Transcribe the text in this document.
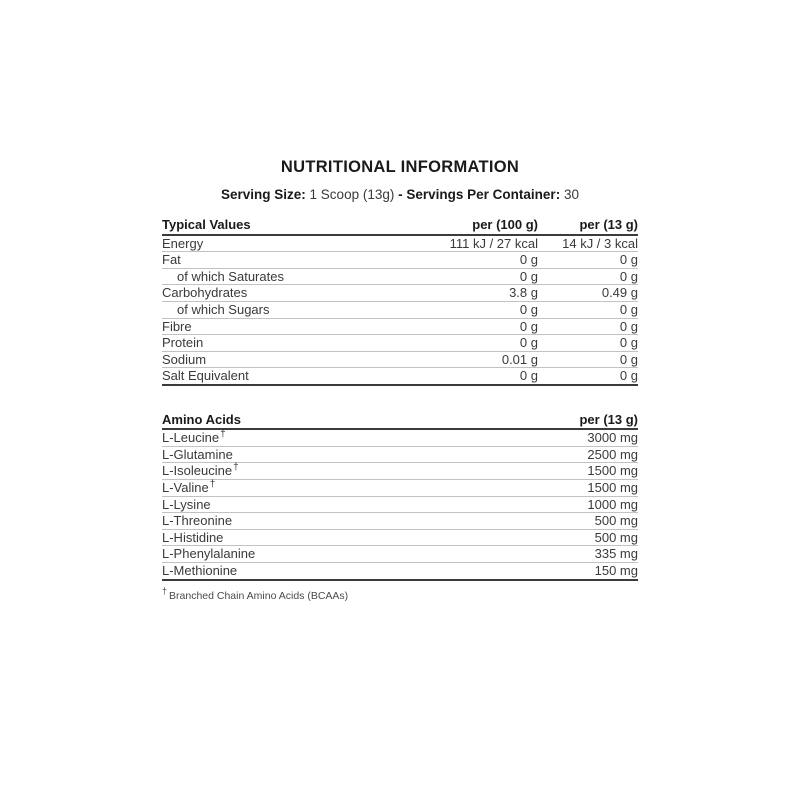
NUTRITIONAL INFORMATION
Serving Size: 1 Scoop (13g) - Servings Per Container: 30
Typical Values	per (100 g)	per (13 g)
Energy	111 kJ / 27 kcal	14 kJ / 3 kcal
Fat	0 g	0 g
of which Saturates	0 g	0 g
Carbohydrates	3.8 g	0.49 g
of which Sugars	0 g	0 g
Fibre	0 g	0 g
Protein	0 g	0 g
Sodium	0.01 g	0 g
Salt Equivalent	0 g	0 g
Amino Acids	per (13 g)
L-Leucine†	3000 mg
L-Glutamine	2500 mg
L-Isoleucine†	1500 mg
L-Valine†	1500 mg
L-Lysine	1000 mg
L-Threonine	500 mg
L-Histidine	500 mg
L-Phenylalanine	335 mg
L-Methionine	150 mg
† Branched Chain Amino Acids (BCAAs)
